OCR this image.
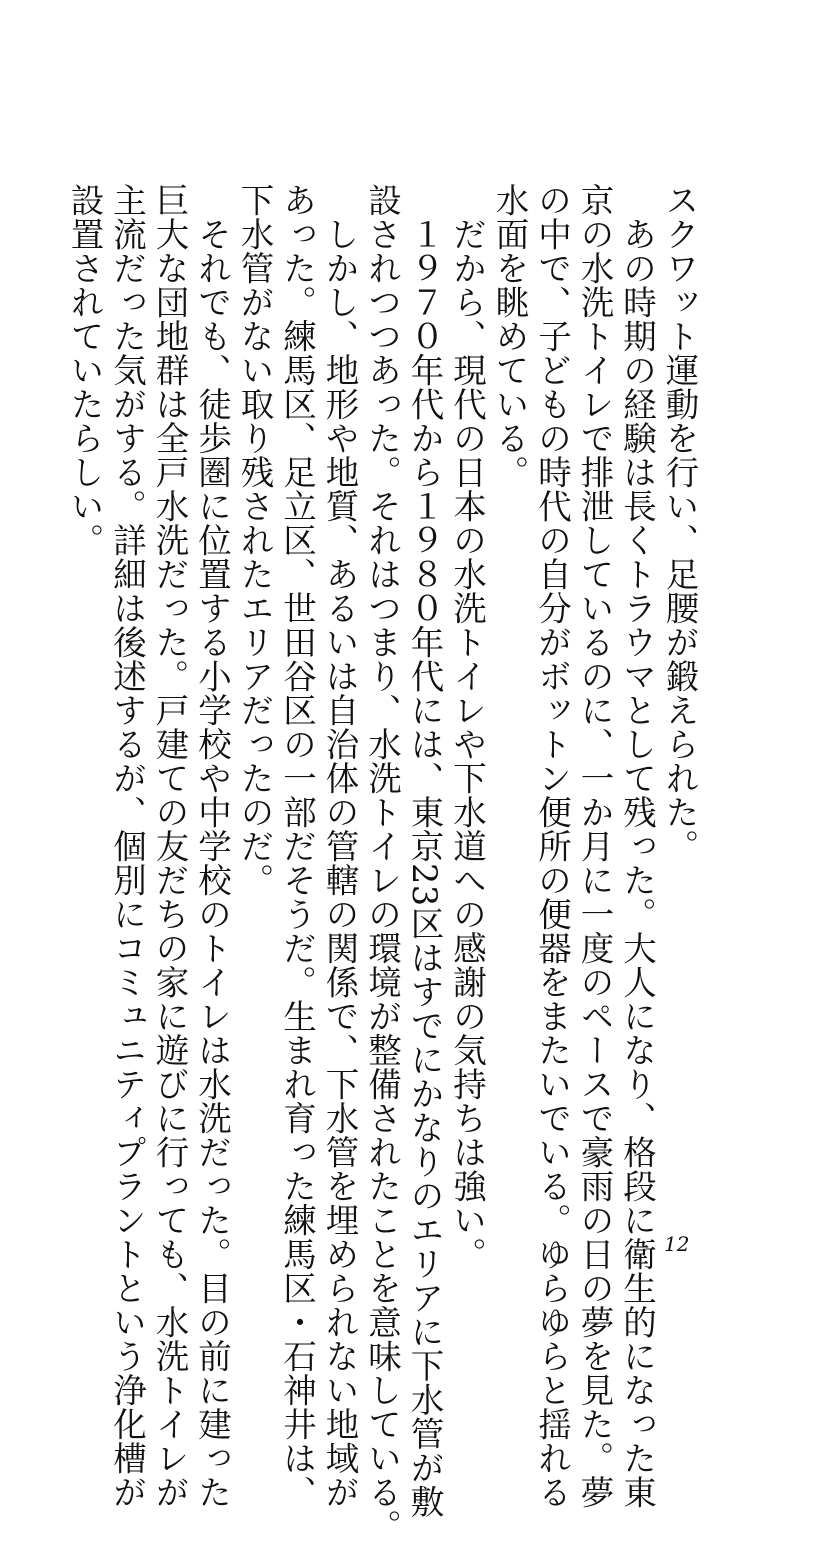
スクワット運動を行い、足腰が鍛えられた。
　あの時期の経験は長くトラウマとして残った。大人になり、格段に衛生的になった東
京の水洗トイレで排泄しているのに、一か月に一度のペースで豪雨の日の夢を見た。夢
の中で、子どもの時代の自分がボットン便所の便器をまたいでいる。ゆらゆらと揺れる
水面を眺めている。
　だから、現代の日本の水洗トイレや下水道への感謝の気持ちは強い。
　１９７０年代から１９８０年代には、東京23区はすでにかなりのエリアに下水管が敷
設されつつあった。それはつまり、水洗トイレの環境が整備されたことを意味している。
　しかし、地形や地質、あるいは自治体の管轄の関係で、下水管を埋められない地域が
あった。練馬区、足立区、世田谷区の一部だそうだ。生まれ育った練馬区・石神井は、
下水管がない取り残されたエリアだったのだ。
　それでも、徒歩圏に位置する小学校や中学校のトイレは水洗だった。目の前に建った
巨大な団地群は全戸水洗だった。戸建ての友だちの家に遊びに行っても、水洗トイレが
主流だった気がする。詳細は後述するが、個別にコミュニティプラントという浄化槽が
設置されていたらしい。
12
